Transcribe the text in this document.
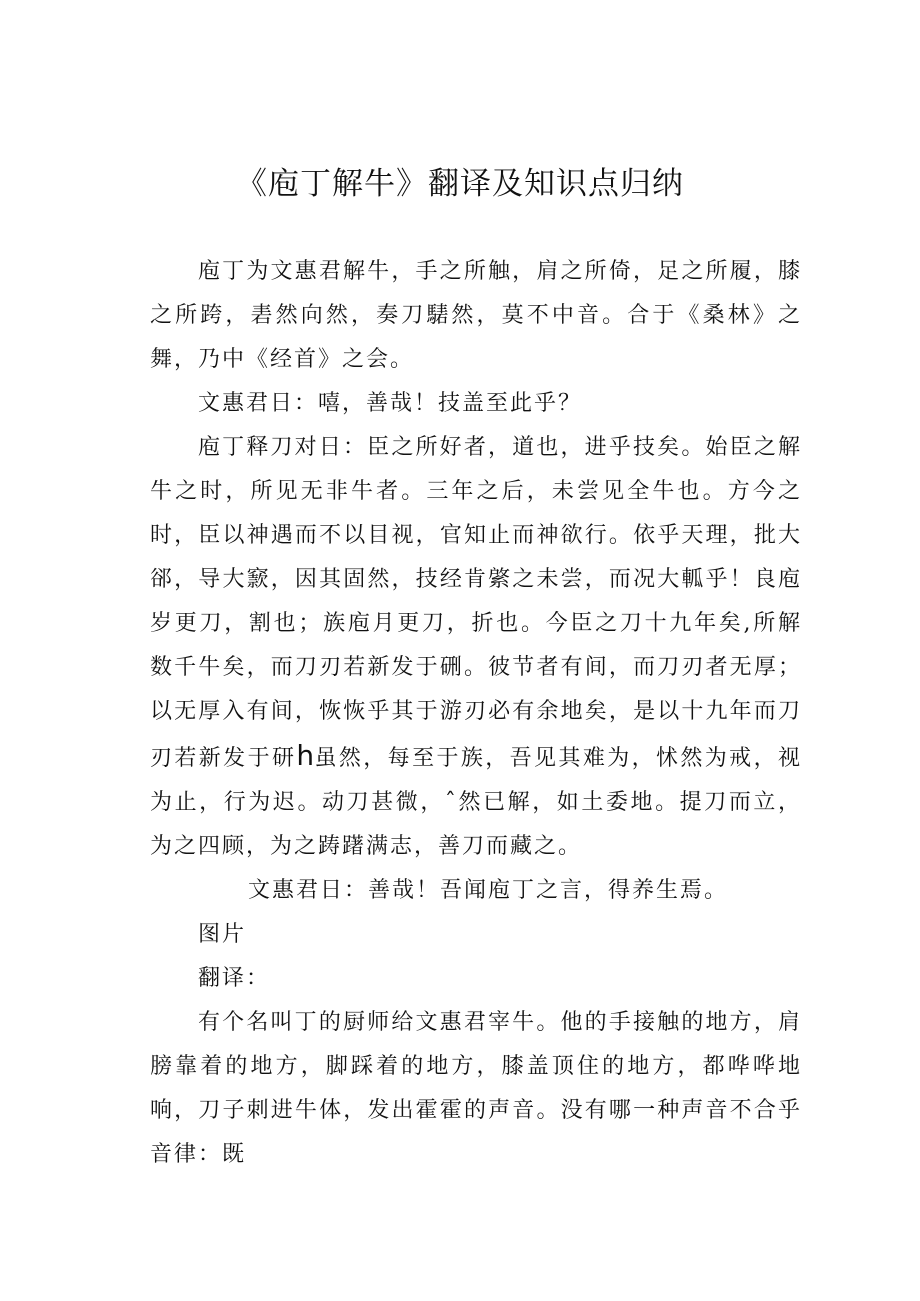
《庖丁解牛》翻译及知识点归纳

庖丁为文惠君解牛，手之所触，肩之所倚，足之所履，膝之所跨，砉然向然，奏刀騞然，莫不中音。合于《桑林》之舞，乃中《经首》之会。

文惠君日：嘻，善哉！技盖至此乎？

庖丁释刀对日：臣之所好者，道也，进乎技矣。始臣之解牛之时，所见无非牛者。三年之后，未尝见全牛也。方今之时，臣以神遇而不以目视，官知止而神欲行。依乎天理，批大郤，导大窾，因其固然，技经肯綮之未尝，而况大軱乎！良庖岁更刀，割也；族庖月更刀，折也。今臣之刀十九年矣,所解数千牛矣，而刀刃若新发于硎。彼节者有间，而刀刃者无厚；以无厚入有间，恢恢乎其于游刃必有余地矣，是以十九年而刀刃若新发于研h虽然，每至于族，吾见其难为，怵然为戒，视为止，行为迟。动刀甚微，ˆ然已解，如土委地。提刀而立，为之四顾，为之踌躇满志，善刀而藏之。

文惠君日：善哉！吾闻庖丁之言，得养生焉。

图片

翻译：

有个名叫丁的厨师给文惠君宰牛。他的手接触的地方，肩膀靠着的地方，脚踩着的地方，膝盖顶住的地方，都哗哗地响，刀子刺进牛体，发出霍霍的声音。没有哪一种声音不合乎音律：既
